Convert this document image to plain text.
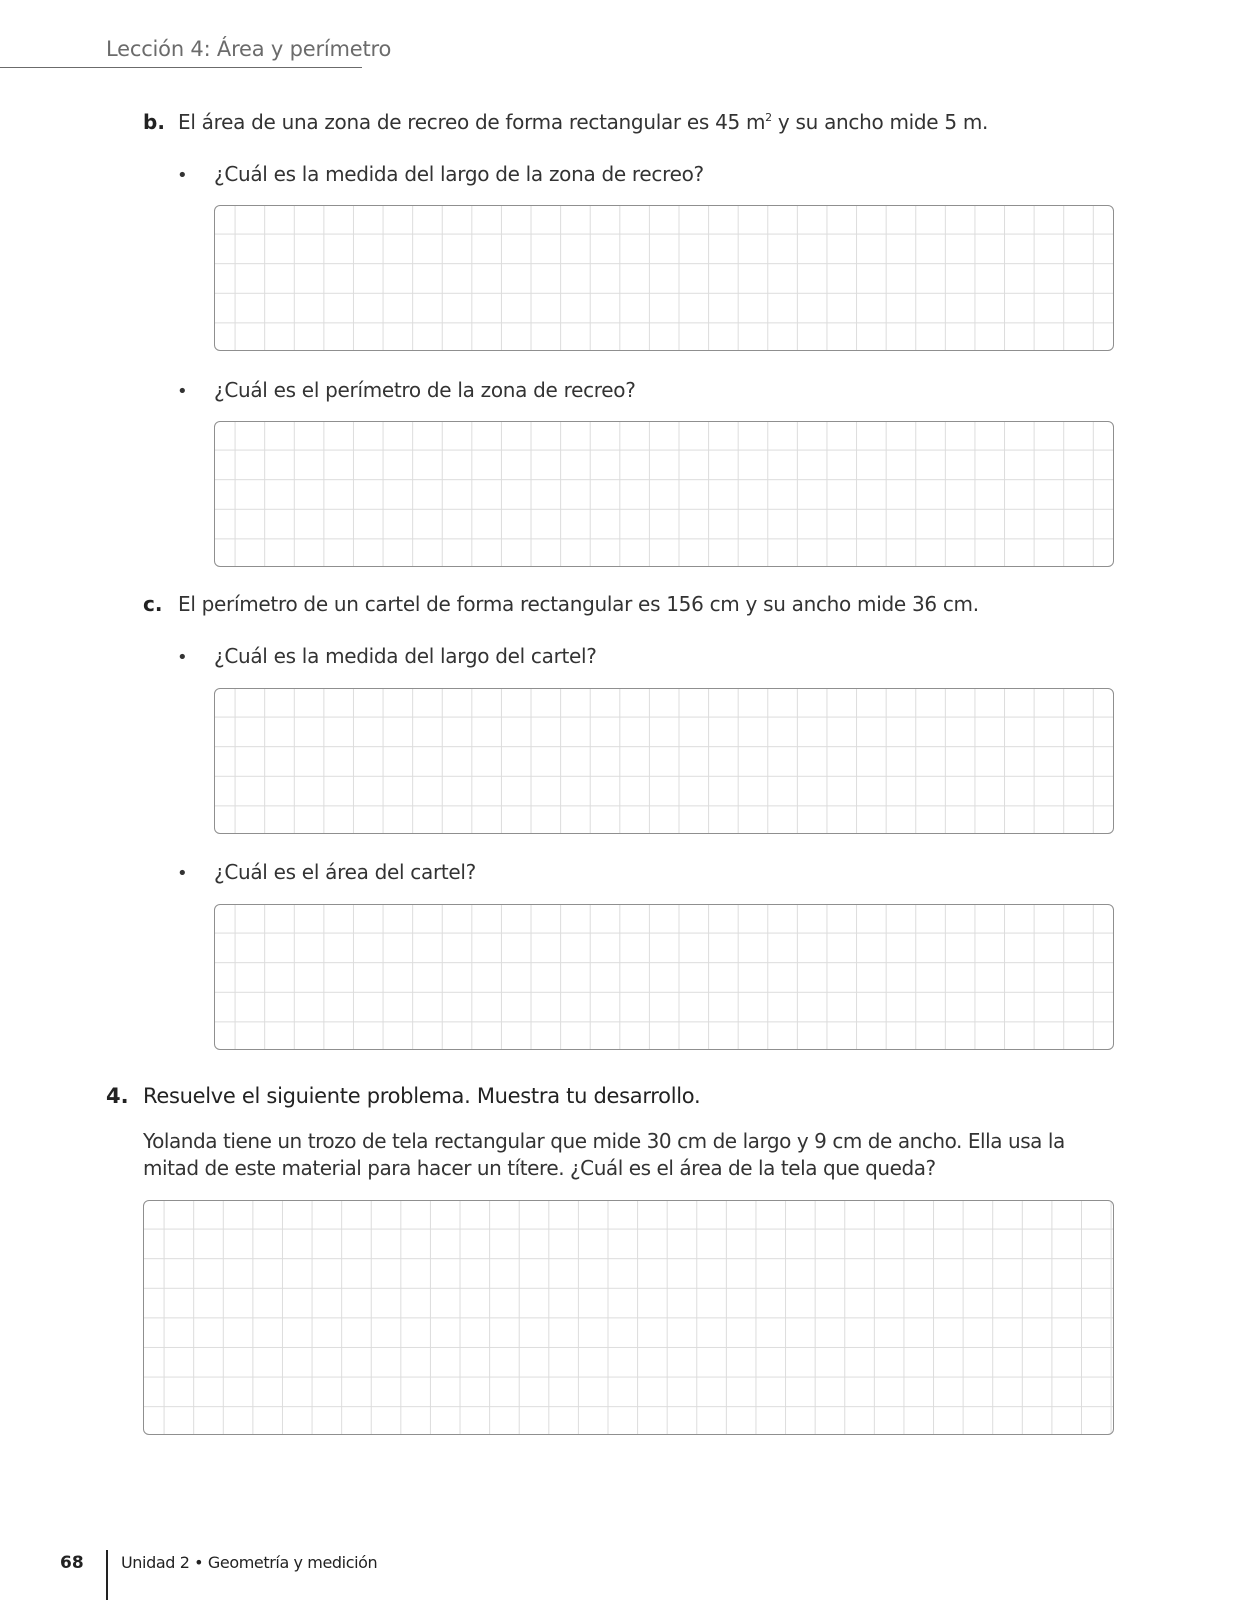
Lección 4: Área y perímetro
b. El área de una zona de recreo de forma rectangular es 45 $m^2$ y su ancho mide 5 m.
• ¿Cuál es la medida del largo de la zona de recreo?
• ¿Cuál es el perímetro de la zona de recreo?
c. El perímetro de un cartel de forma rectangular es 156 cm y su ancho mide 36 cm.
• ¿Cuál es la medida del largo del cartel?
• ¿Cuál es el área del cartel?
4. Resuelve el siguiente problema. Muestra tu desarrollo.
Yolanda tiene un trozo de tela rectangular que mide 30 cm de largo y 9 cm de ancho. Ella usa la mitad de este material para hacer un títere. ¿Cuál es el área de la tela que queda?
68 Unidad 2 • Geometría y medición
